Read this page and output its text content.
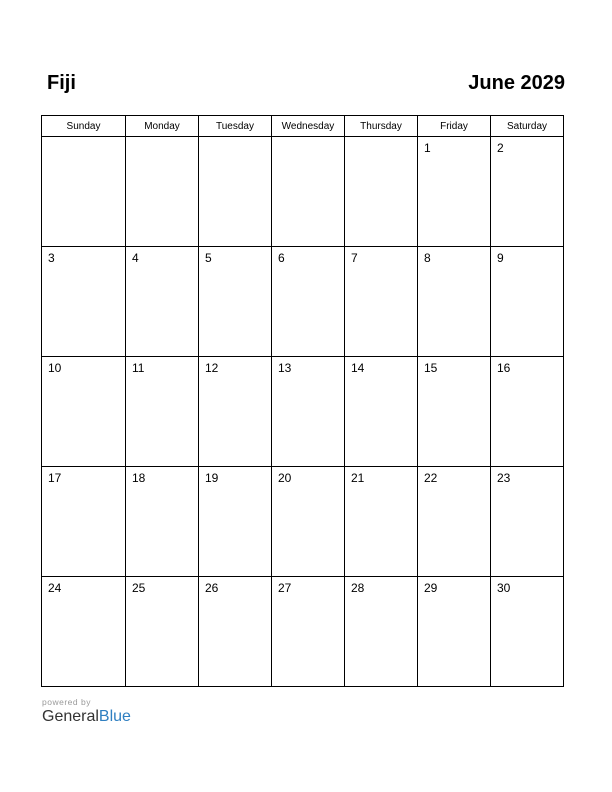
Fiji	June 2029
Sunday	Monday	Tuesday	Wednesday	Thursday	Friday	Saturday

					1	2

3	4	5	6	7	8	9

10	11	12	13	14	15	16

17	18	19	20	21	22	23

24	25	26	27	28	29	30
powered by
GeneralBlue
